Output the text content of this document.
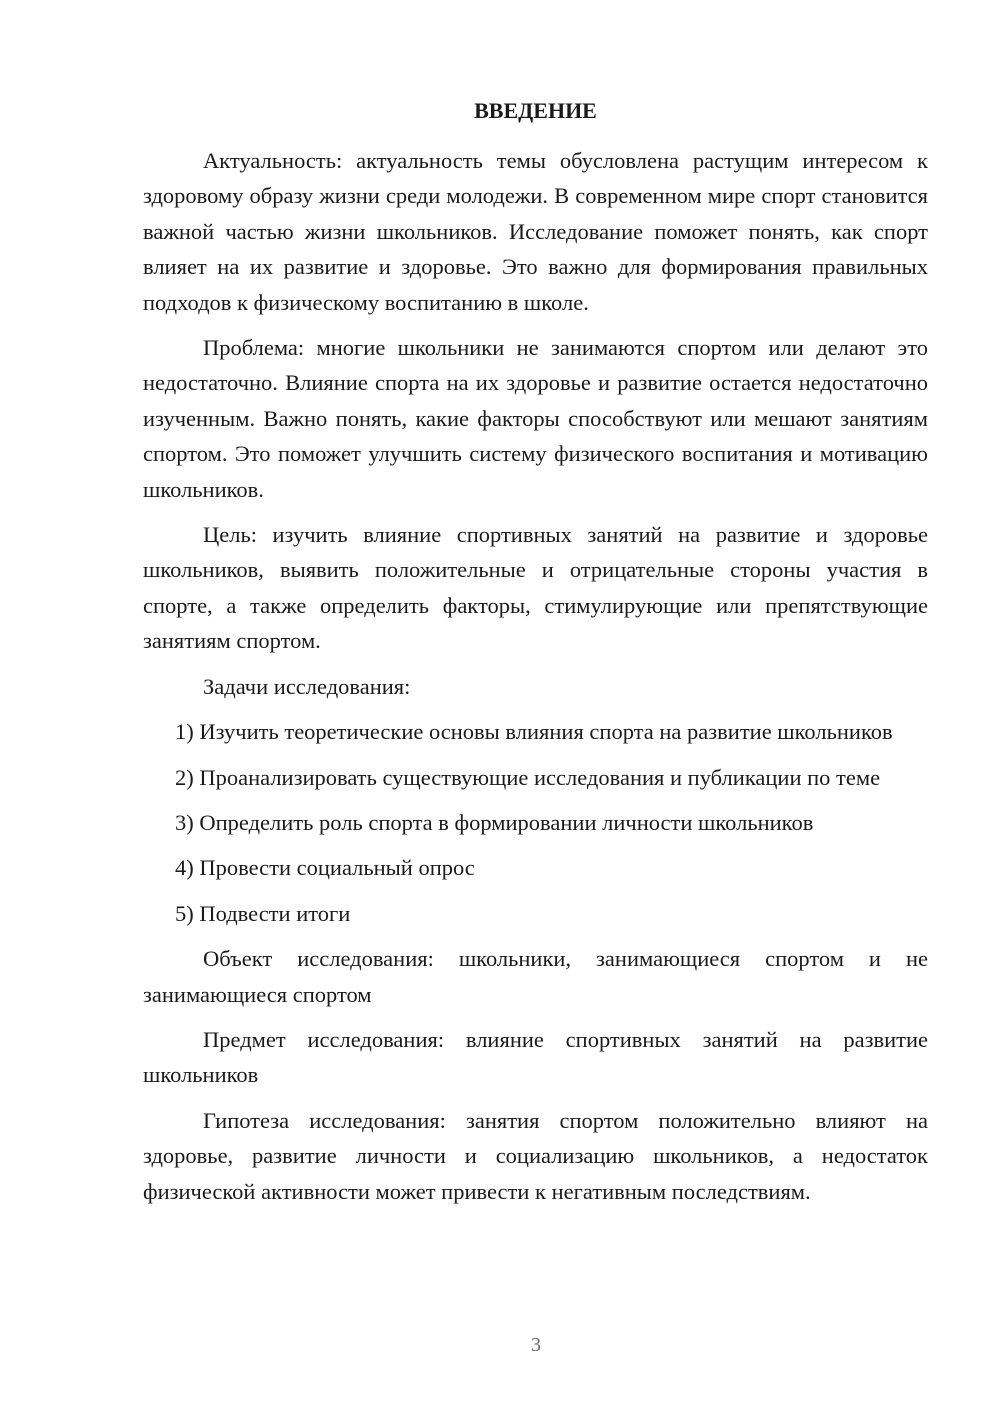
ВВЕДЕНИЕ

Актуальность: актуальность темы обусловлена растущим интересом к здоровому образу жизни среди молодежи. В современном мире спорт становится важной частью жизни школьников. Исследование поможет понять, как спорт влияет на их развитие и здоровье. Это важно для формирования правильных подходов к физическому воспитанию в школе.

Проблема: многие школьники не занимаются спортом или делают это недостаточно. Влияние спорта на их здоровье и развитие остается недостаточно изученным. Важно понять, какие факторы способствуют или мешают занятиям спортом. Это поможет улучшить систему физического воспитания и мотивацию школьников.

Цель: изучить влияние спортивных занятий на развитие и здоровье школьников, выявить положительные и отрицательные стороны участия в спорте, а также определить факторы, стимулирующие или препятствующие занятиям спортом.

Задачи исследования:

1) Изучить теоретические основы влияния спорта на развитие школьников

2) Проанализировать существующие исследования и публикации по теме

3) Определить роль спорта в формировании личности школьников

4) Провести социальный опрос

5) Подвести итоги

Объект исследования: школьники, занимающиеся спортом и не занимающиеся спортом

Предмет исследования: влияние спортивных занятий на развитие школьников

Гипотеза исследования: занятия спортом положительно влияют на здоровье, развитие личности и социализацию школьников, а недостаток физической активности может привести к негативным последствиям.

3
